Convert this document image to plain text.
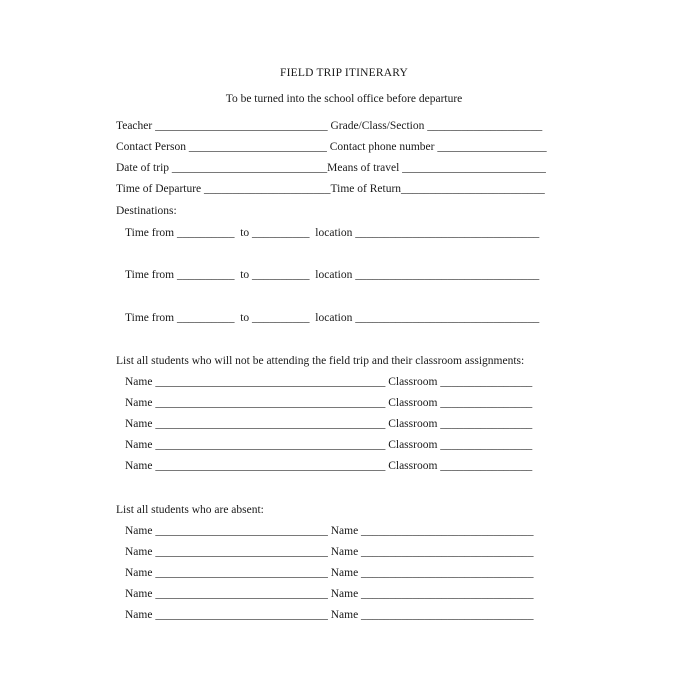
FIELD TRIP ITINERARY
To be turned into the school office before departure
Teacher ______________________________ Grade/Class/Section ____________________
Contact Person ________________________ Contact phone number ___________________
Date of trip ___________________________Means of travel _________________________
Time of Departure ______________________Time of Return_________________________
Destinations:
Time from __________  to __________  location ________________________________
Time from __________  to __________  location ________________________________
Time from __________  to __________  location ________________________________
List all students who will not be attending the field trip and their classroom assignments:
Name ________________________________________ Classroom ________________
Name ________________________________________ Classroom ________________
Name ________________________________________ Classroom ________________
Name ________________________________________ Classroom ________________
Name ________________________________________ Classroom ________________
List all students who are absent:
Name ______________________________ Name ______________________________
Name ______________________________ Name ______________________________
Name ______________________________ Name ______________________________
Name ______________________________ Name ______________________________
Name ______________________________ Name ______________________________
